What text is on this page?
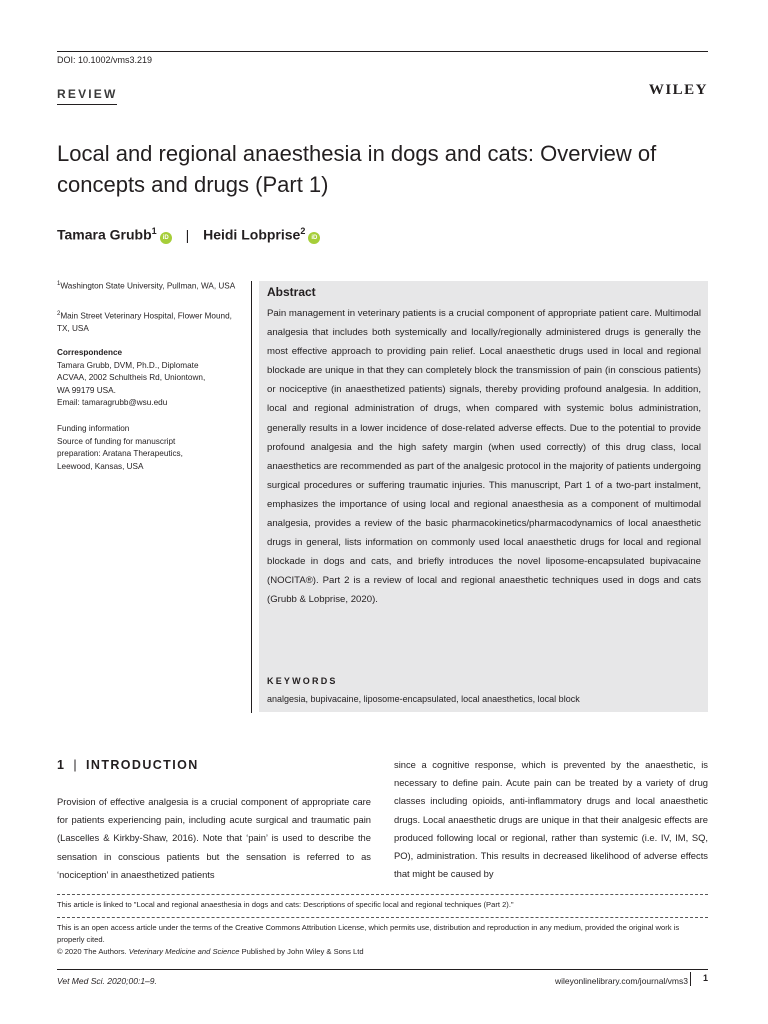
DOI: 10.1002/vms3.219
REVIEW	WILEY
Local and regional anaesthesia in dogs and cats: Overview of concepts and drugs (Part 1)
Tamara Grubb$^1$iD | Heidi Lobprise$^2$iD
$^1$Washington State University, Pullman, WA, USA
$^2$Main Street Veterinary Hospital, Flower Mound, TX, USA
Correspondence
Tamara Grubb, DVM, Ph.D., Diplomate
ACVAA, 2002 Schultheis Rd, Uniontown,
WA 99179 USA.
Email: tamaragrubb@wsu.edu
Funding information
Source of funding for manuscript
preparation: Aratana Therapeutics,
Leewood, Kansas, USA
Abstract
Pain management in veterinary patients is a crucial component of appropriate patient care. Multimodal analgesia that includes both systemically and locally/regionally administered drugs is generally the most effective approach to providing pain relief. Local anaesthetic drugs used in local and regional blockade are unique in that they can completely block the transmission of pain (in conscious patients) or nociceptive (in anaesthetized patients) signals, thereby providing profound analgesia. In addition, local and regional administration of drugs, when compared with systemic bolus administration, generally results in a lower incidence of dose-related adverse effects. Due to the potential to provide profound analgesia and the high safety margin (when used correctly) of this drug class, local anaesthetics are recommended as part of the analgesic protocol in the majority of patients undergoing surgical procedures or suffering traumatic injuries. This manuscript, Part 1 of a two-part instalment, emphasizes the importance of using local and regional anaesthesia as a component of multimodal analgesia, provides a review of the basic pharmacokinetics/pharmacodynamics of local anaesthetic drugs in general, lists information on commonly used local anaesthetic drugs for local and regional blockade in dogs and cats, and briefly introduces the novel liposome-encapsulated bupivacaine (NOCITA®). Part 2 is a review of local and regional anaesthetic techniques used in dogs and cats (Grubb & Lobprise, 2020).
KEYWORDS
analgesia, bupivacaine, liposome-encapsulated, local anaesthetics, local block
1 | INTRODUCTION
Provision of effective analgesia is a crucial component of appropriate care for patients experiencing pain, including acute surgical and traumatic pain (Lascelles & Kirkby-Shaw, 2016). Note that ‘pain’ is used to describe the sensation in conscious patients but the sensation is referred to as ‘nociception’ in anaesthetized patients
since a cognitive response, which is prevented by the anaesthetic, is necessary to define pain. Acute pain can be treated by a variety of drug classes including opioids, anti-inflammatory drugs and local anaesthetic drugs. Local anaesthetic drugs are unique in that their analgesic effects are produced following local or regional, rather than systemic (i.e. IV, IM, SQ, PO), administration. This results in decreased likelihood of adverse effects that might be caused by
This article is linked to "Local and regional anaesthesia in dogs and cats: Descriptions of specific local and regional techniques (Part 2)."
This is an open access article under the terms of the Creative Commons Attribution License, which permits use, distribution and reproduction in any medium, provided the original work is properly cited.
© 2020 The Authors. Veterinary Medicine and Science Published by John Wiley & Sons Ltd
Vet Med Sci. 2020;00:1–9.	wileyonlinelibrary.com/journal/vms3	1
